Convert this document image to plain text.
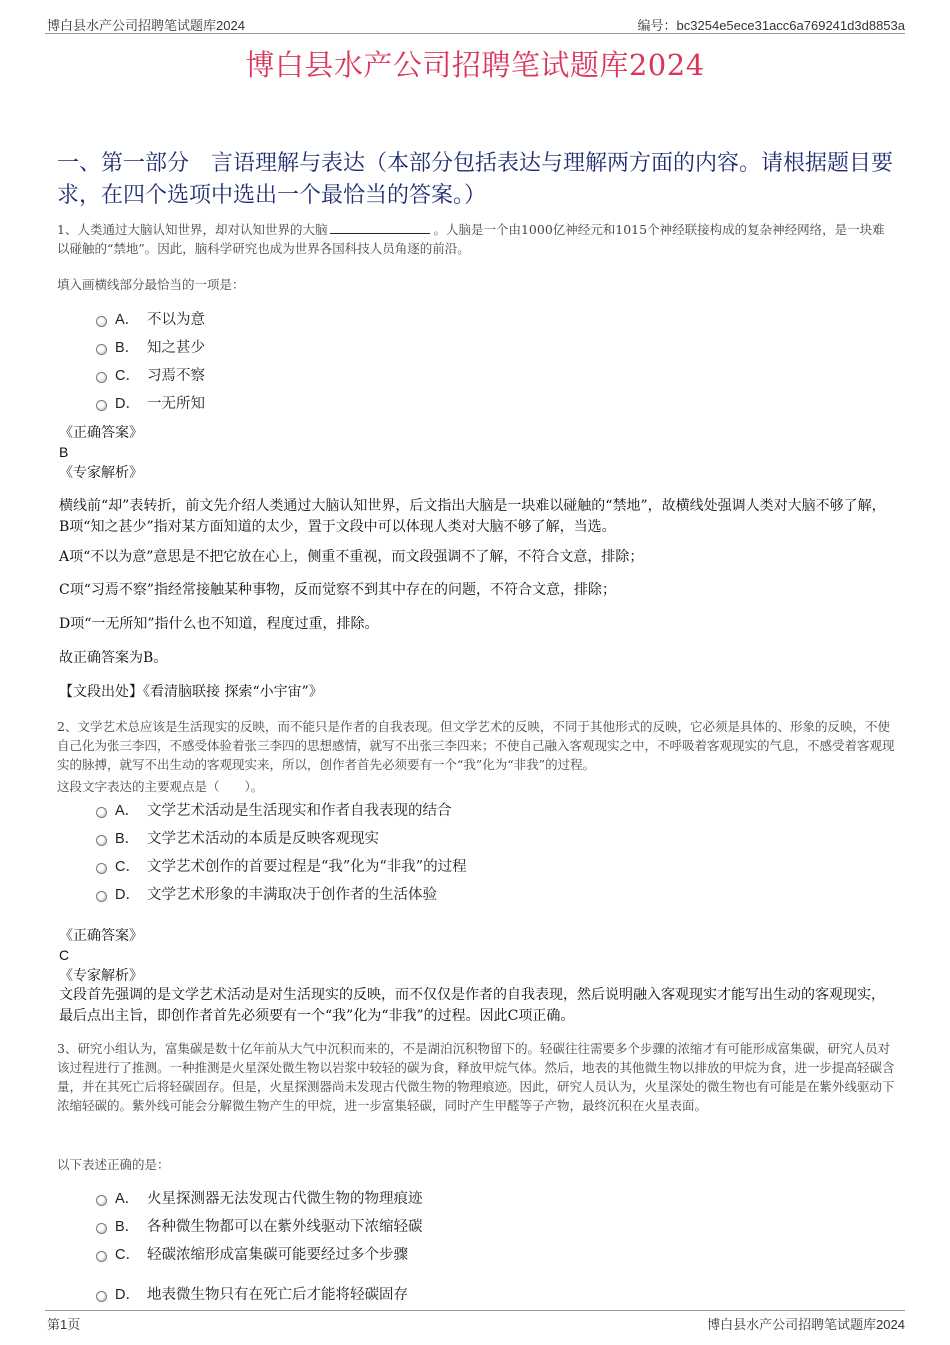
博白县水产公司招聘笔试题库2024	编号：bc3254e5ece31acc6a769241d3d8853a
博白县水产公司招聘笔试题库2024
一、第一部分　言语理解与表达（本部分包括表达与理解两方面的内容。请根据题目要求，在四个选项中选出一个最恰当的答案。）
1、人类通过大脑认知世界，却对认知世界的大脑	。人脑是一个由1000亿神经元和1015个神经联接构成的复杂神经网络，是一块难以碰触的“禁地”。因此，脑科学研究也成为世界各国科技人员角逐的前沿。
填入画横线部分最恰当的一项是：
A． 不以为意
B． 知之甚少
C． 习焉不察
D． 一无所知
《正确答案》
B
《专家解析》
横线前“却”表转折，前文先介绍人类通过大脑认知世界，后文指出大脑是一块难以碰触的“禁地”，故横线处强调人类对大脑不够了解，B项“知之甚少”指对某方面知道的太少，置于文段中可以体现人类对大脑不够了解，当选。
A项“不以为意”意思是不把它放在心上，侧重不重视，而文段强调不了解，不符合文意，排除；
C项“习焉不察”指经常接触某种事物，反而觉察不到其中存在的问题，不符合文意，排除；
D项“一无所知”指什么也不知道，程度过重，排除。
故正确答案为B。
【文段出处】《看清脑联接 探索“小宇宙”》
2、文学艺术总应该是生活现实的反映，而不能只是作者的自我表现。但文学艺术的反映，不同于其他形式的反映，它必须是具体的、形象的反映，不使自己化为张三李四，不感受体验着张三李四的思想感情，就写不出张三李四来；不使自己融入客观现实之中，不呼吸着客观现实的气息，不感受着客观现实的脉搏，就写不出生动的客观现实来，所以，创作者首先必须要有一个“我”化为“非我”的过程。
这段文字表达的主要观点是（　　）。
A． 文学艺术活动是生活现实和作者自我表现的结合
B． 文学艺术活动的本质是反映客观现实
C． 文学艺术创作的首要过程是“我”化为“非我”的过程
D． 文学艺术形象的丰满取决于创作者的生活体验
《正确答案》
C
《专家解析》
文段首先强调的是文学艺术活动是对生活现实的反映，而不仅仅是作者的自我表现，然后说明融入客观现实才能写出生动的客观现实，最后点出主旨，即创作者首先必须要有一个“我”化为“非我”的过程。因此C项正确。
3、研究小组认为，富集碳是数十亿年前从大气中沉积而来的，不是湖泊沉积物留下的。轻碳往往需要多个步骤的浓缩才有可能形成富集碳，研究人员对该过程进行了推测。一种推测是火星深处微生物以岩浆中较轻的碳为食，释放甲烷气体。然后，地表的其他微生物以排放的甲烷为食，进一步提高轻碳含量，并在其死亡后将轻碳固存。但是，火星探测器尚未发现古代微生物的物理痕迹。因此，研究人员认为，火星深处的微生物也有可能是在紫外线驱动下浓缩轻碳的。紫外线可能会分解微生物产生的甲烷，进一步富集轻碳，同时产生甲醛等子产物，最终沉积在火星表面。
以下表述正确的是：
A． 火星探测器无法发现古代微生物的物理痕迹
B． 各种微生物都可以在紫外线驱动下浓缩轻碳
C． 轻碳浓缩形成富集碳可能要经过多个步骤
D． 地表微生物只有在死亡后才能将轻碳固存
第1页	博白县水产公司招聘笔试题库2024
